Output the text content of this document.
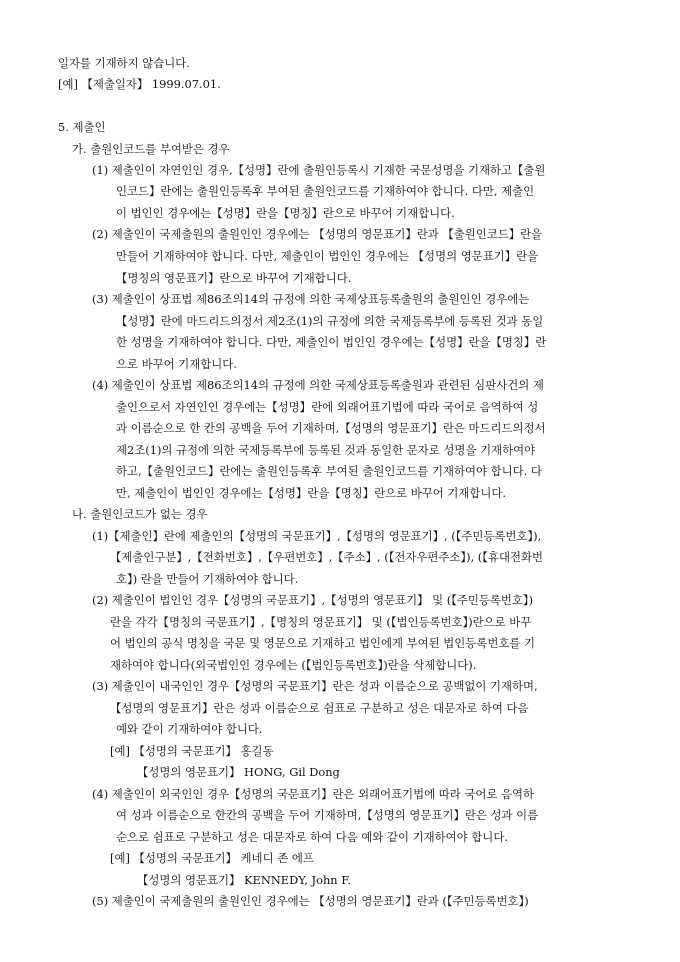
일자를 기재하지 않습니다.
[예] 【제출일자】 1999.07.01.
5. 제출인
가. 출원인코드를 부여받은 경우
(1) 제출인이 자연인인 경우,【성명】란에 출원인등록시 기재한 국문성명을 기재하고【출원
인코드】란에는 출원인등록후 부여된 출원인코드를 기재하여야 합니다. 다만, 제출인
이 법인인 경우에는【성명】란을【명칭】란으로 바꾸어 기재합니다.
(2) 제출인이 국제출원의 출원인인 경우에는 【성명의 영문표기】란과 【출원인코드】란을
만들어 기재하여야 합니다. 다만, 제출인이 법인인 경우에는 【성명의 영문표기】란을
【명칭의 영문표기】란으로 바꾸어 기재합니다.
(3) 제출인이 상표법 제86조의14의 규정에 의한 국제상표등록출원의 출원인인 경우에는
【성명】란에 마드리드의정서 제2조(1)의 규정에 의한 국제등록부에 등록된 것과 동일
한 성명을 기재하여야 합니다. 다만, 제출인이 법인인 경우에는【성명】란을【명칭】란
으로 바꾸어 기재합니다.
(4) 제출인이 상표법 제86조의14의 규정에 의한 국제상표등록출원과 관련된 심판사건의 제
출인으로서 자연인인 경우에는【성명】란에 외래어표기법에 따라 국어로 음역하여 성
과 이름순으로 한 칸의 공백을 두어 기재하며,【성명의 영문표기】란은 마드리드의정서
제2조(1)의 규정에 의한 국제등록부에 등록된 것과 동일한 문자로 성명을 기재하여야
하고,【출원인코드】란에는 출원인등록후 부여된 출원인코드를 기재하여야 합니다. 다
만, 제출인이 법인인 경우에는【성명】란을【명칭】란으로 바꾸어 기재합니다.
나. 출원인코드가 없는 경우
(1)【제출인】란에 제출인의【성명의 국문표기】,【성명의 영문표기】, (【주민등록번호】),
【제출인구분】,【전화번호】,【우편번호】,【주소】, (【전자우편주소】), (【휴대전화번
호】) 란을 만들어 기재하여야 합니다.
(2) 제출인이 법인인 경우【성명의 국문표기】,【성명의 영문표기】 및 (【주민등록번호】)
란을 각각【명칭의 국문표기】,【명칭의 영문표기】 및 (【법인등록번호】)란으로 바꾸
어 법인의 공식 명칭을 국문 및 영문으로 기재하고 법인에게 부여된 법인등록번호를 기
재하여야 합니다(외국법인인 경우에는 (【법인등록번호】)란을 삭제합니다).
(3) 제출인이 내국인인 경우【성명의 국문표기】란은 성과 이름순으로 공백없이 기재하며,
【성명의 영문표기】란은 성과 이름순으로 쉼표로 구분하고 성은 대문자로 하여 다음
예와 같이 기재하여야 합니다.
[예] 【성명의 국문표기】 홍길동
【성명의 영문표기】 HONG, Gil Dong
(4) 제출인이 외국인인 경우【성명의 국문표기】란은 외래어표기법에 따라 국어로 음역하
여 성과 이름순으로 한칸의 공백을 두어 기재하며,【성명의 영문표기】란은 성과 이름
순으로 쉼표로 구분하고 성은 대문자로 하여 다음 예와 같이 기재하여야 합니다.
[예] 【성명의 국문표기】 케네디 존 에프
【성명의 영문표기】 KENNEDY, John F.
(5) 제출인이 국제출원의 출원인인 경우에는 【성명의 영문표기】란과 (【주민등록번호】)
